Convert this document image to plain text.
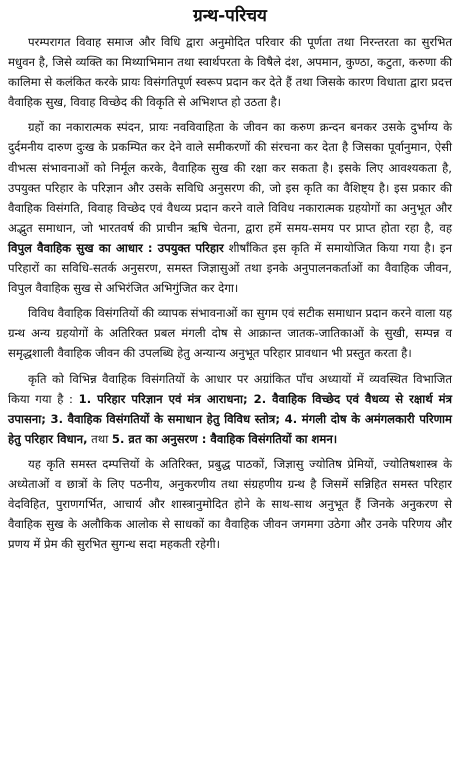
ग्रन्थ-परिचय

परम्परागत विवाह समाज और विधि द्वारा अनुमोदित परिवार की पूर्णता तथा निरन्तरता का सुरभित मधुवन है, जिसे व्यक्ति का मिथ्याभिमान तथा स्वार्थपरता के विषैले दंश, अपमान, कुण्ठा, कटुता, करुणा की कालिमा से कलंकित करके प्रायः विसंगतिपूर्ण स्वरूप प्रदान कर देते हैं तथा जिसके कारण विधाता द्वारा प्रदत्त वैवाहिक सुख, विवाह विच्छेद की विकृति से अभिशप्त हो उठता है।

ग्रहों का नकारात्मक स्पंदन, प्रायः नवविवाहिता के जीवन का करुण क्रन्दन बनकर उसके दुर्भाग्य के दुर्दमनीय दारुण दुःख के प्रकम्पित कर देने वाले समीकरणों की संरचना कर देता है जिसका पूर्वानुमान, ऐसी वीभत्स संभावनाओं को निर्मूल करके, वैवाहिक सुख की रक्षा कर सकता है। इसके लिए आवश्यकता है, उपयुक्त परिहार के परिज्ञान और उसके सविधि अनुसरण की, जो इस कृति का वैशिष्ट्य है। इस प्रकार की वैवाहिक विसंगति, विवाह विच्छेद एवं वैधव्य प्रदान करने वाले विविध नकारात्मक ग्रहयोगों का अनुभूत और अद्भुत समाधान, जो भारतवर्ष की प्राचीन ऋषि चेतना, द्वारा हमें समय-समय पर प्राप्त होता रहा है, वह विपुल वैवाहिक सुख का आधार : उपयुक्त परिहार शीर्षांकित इस कृति में समायोजित किया गया है। इन परिहारों का सविधि-सतर्क अनुसरण, समस्त जिज्ञासुओं तथा इनके अनुपालनकर्ताओं का वैवाहिक जीवन, विपुल वैवाहिक सुख से अभिरंजित अभिगुंजित कर देगा।

विविध वैवाहिक विसंगतियों की व्यापक संभावनाओं का सुगम एवं सटीक समाधान प्रदान करने वाला यह ग्रन्थ अन्य ग्रहयोगों के अतिरिक्त प्रबल मंगली दोष से आक्रान्त जातक-जातिकाओं के सुखी, सम्पन्न व समृद्धशाली वैवाहिक जीवन की उपलब्धि हेतु अन्यान्य अनुभूत परिहार प्रावधान भी प्रस्तुत करता है।

कृति को विभिन्न वैवाहिक विसंगतियों के आधार पर अग्रांकित पाँच अध्यायों में व्यवस्थित विभाजित किया गया है : 1. परिहार परिज्ञान एवं मंत्र आराधना; 2. वैवाहिक विच्छेद एवं वैधव्य से रक्षार्थ मंत्र उपासना; 3. वैवाहिक विसंगतियों के समाधान हेतु विविध स्तोत्र; 4. मंगली दोष के अमंगलकारी परिणाम हेतु परिहार विधान, तथा 5. व्रत का अनुसरण : वैवाहिक विसंगतियों का शमन।

यह कृति समस्त दम्पत्तियों के अतिरिक्त, प्रबुद्ध पाठकों, जिज्ञासु ज्योतिष प्रेमियों, ज्योतिषशास्त्र के अध्येताओं व छात्रों के लिए पठनीय, अनुकरणीय तथा संग्रहणीय ग्रन्थ है जिसमें सन्निहित समस्त परिहार वेदविहित, पुराणगर्भित, आचार्य और शास्त्रानुमोदित होने के साथ-साथ अनुभूत हैं जिनके अनुकरण से वैवाहिक सुख के अलौकिक आलोक से साधकों का वैवाहिक जीवन जगमगा उठेगा और उनके परिणय और प्रणय में प्रेम की सुरभित सुगन्ध सदा महकती रहेगी।
